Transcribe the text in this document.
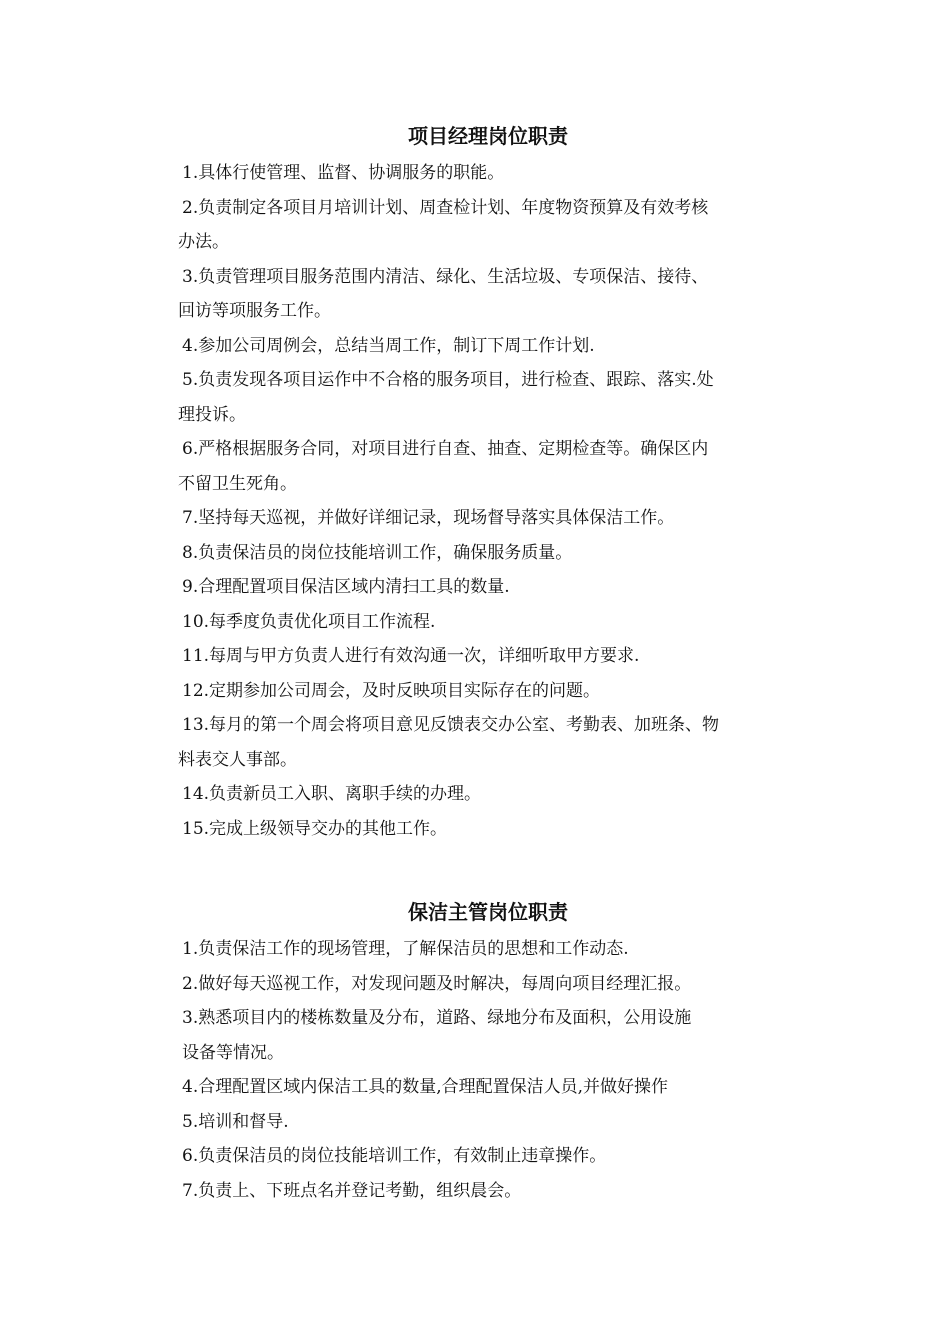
项目经理岗位职责

1.具体行使管理、监督、协调服务的职能。

2.负责制定各项目月培训计划、周查检计划、年度物资预算及有效考核

办法。

3.负责管理项目服务范围内清洁、绿化、生活垃圾、专项保洁、接待、

回访等项服务工作。

4.参加公司周例会，总结当周工作，制订下周工作计划.

5.负责发现各项目运作中不合格的服务项目，进行检查、跟踪、落实.处

理投诉。

6.严格根据服务合同，对项目进行自查、抽查、定期检查等。确保区内

不留卫生死角。

7.坚持每天巡视，并做好详细记录，现场督导落实具体保洁工作。

8.负责保洁员的岗位技能培训工作，确保服务质量。

9.合理配置项目保洁区域内清扫工具的数量.

10.每季度负责优化项目工作流程.

11.每周与甲方负责人进行有效沟通一次，详细听取甲方要求.

12.定期参加公司周会，及时反映项目实际存在的问题。

13.每月的第一个周会将项目意见反馈表交办公室、考勤表、加班条、物

料表交人事部。

14.负责新员工入职、离职手续的办理。

15.完成上级领导交办的其他工作。

保洁主管岗位职责

1.负责保洁工作的现场管理，了解保洁员的思想和工作动态.

2.做好每天巡视工作，对发现问题及时解决，每周向项目经理汇报。

3.熟悉项目内的楼栋数量及分布，道路、绿地分布及面积，公用设施

设备等情况。

4.合理配置区域内保洁工具的数量,合理配置保洁人员,并做好操作

5.培训和督导.

6.负责保洁员的岗位技能培训工作，有效制止违章操作。

7.负责上、下班点名并登记考勤，组织晨会。
